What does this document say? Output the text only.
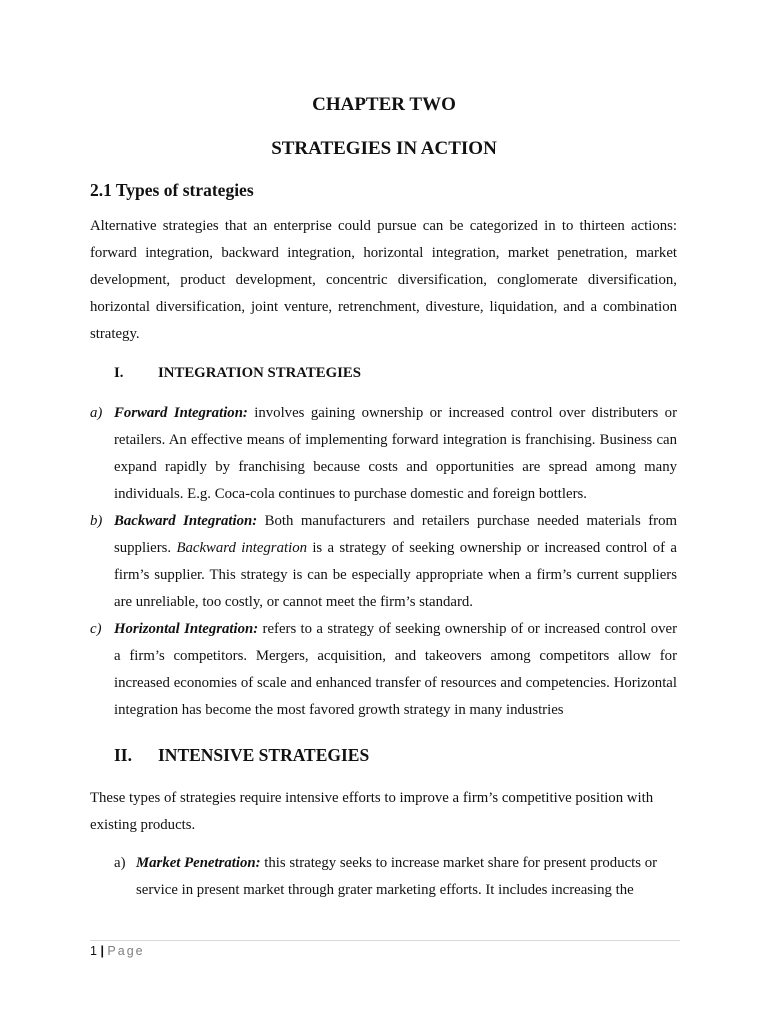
CHAPTER TWO
STRATEGIES IN ACTION
2.1 Types of strategies

Alternative strategies that an enterprise could pursue can be categorized in to thirteen actions: forward integration, backward integration, horizontal integration, market penetration, market development, product development, concentric diversification, conglomerate diversification, horizontal diversification, joint venture, retrenchment, divesture, liquidation, and a combination strategy.

I. INTEGRATION STRATEGIES
a) Forward Integration: involves gaining ownership or increased control over distributers or retailers. An effective means of implementing forward integration is franchising. Business can expand rapidly by franchising because costs and opportunities are spread among many individuals. E.g. Coca-cola continues to purchase domestic and foreign bottlers.
b) Backward Integration: Both manufacturers and retailers purchase needed materials from suppliers. Backward integration is a strategy of seeking ownership or increased control of a firm’s supplier. This strategy is can be especially appropriate when a firm’s current suppliers are unreliable, too costly, or cannot meet the firm’s standard.
c) Horizontal Integration: refers to a strategy of seeking ownership of or increased control over a firm’s competitors. Mergers, acquisition, and takeovers among competitors allow for increased economies of scale and enhanced transfer of resources and competencies. Horizontal integration has become the most favored growth strategy in many industries
II. INTENSIVE STRATEGIES

These types of strategies require intensive efforts to improve a firm’s competitive position with existing products.

a) Market Penetration: this strategy seeks to increase market share for present products or service in present market through grater marketing efforts. It includes increasing the
1 | Page
